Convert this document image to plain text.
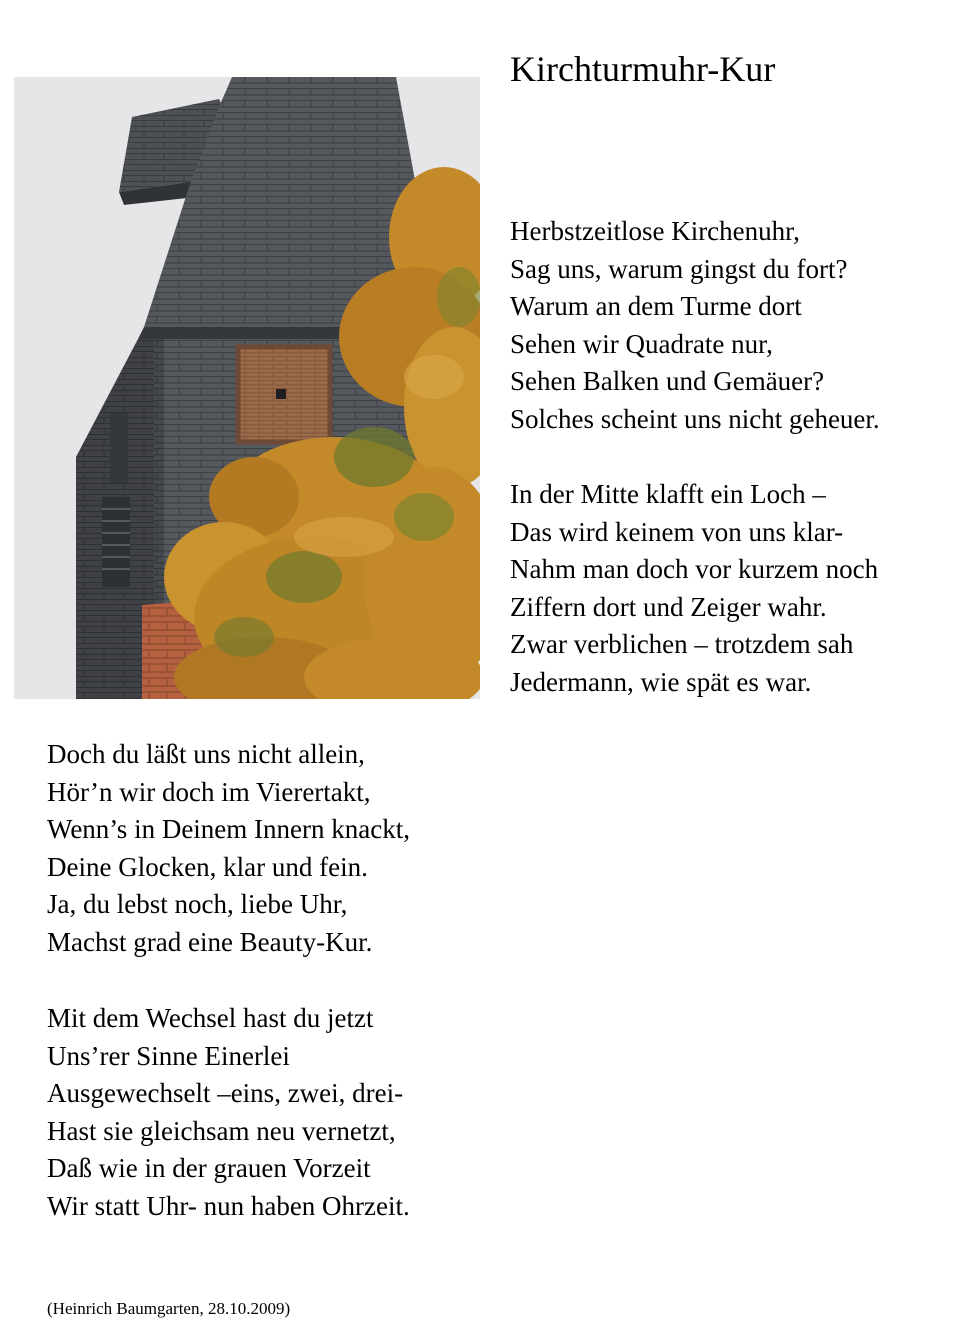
Kirchturmuhr-Kur
Herbstzeitlose Kirchenuhr,
Sag uns, warum gingst du fort?
Warum an dem Turme dort
Sehen wir Quadrate nur,
Sehen Balken und Gemäuer?
Solches scheint uns nicht geheuer.
In der Mitte klafft ein Loch –
Das wird keinem von uns klar-
Nahm man doch vor kurzem noch
Ziffern dort und Zeiger wahr.
Zwar verblichen – trotzdem sah
Jedermann, wie spät es war.
Doch du läßt uns nicht allein,
Hör’n wir doch im Vierertakt,
Wenn’s in Deinem Innern knackt,
Deine Glocken, klar und fein.
Ja, du lebst noch, liebe Uhr,
Machst grad eine Beauty-Kur.
Mit dem Wechsel hast du jetzt
Uns’rer Sinne Einerlei
Ausgewechselt –eins, zwei, drei-
Hast sie gleichsam neu vernetzt,
Daß wie in der grauen Vorzeit
Wir statt Uhr- nun haben Ohrzeit.
(Heinrich Baumgarten, 28.10.2009)
